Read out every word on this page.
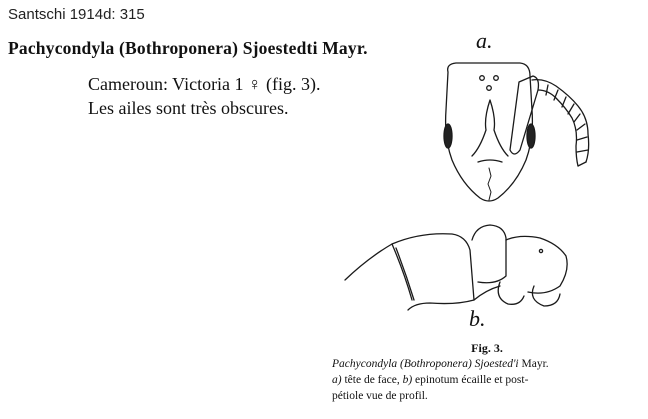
Santschi 1914d: 315
Pachycondyla (Bothroponera) Sjoestedti Mayr.
Cameroun: Victoria 1 ♀ (fig. 3).
Les ailes sont très obscures.
a.
b.
Fig. 3.
Pachycondyla (Bothroponera) Sjoested'i Mayr.
a) tête de face, b) epinotum écaille et post-
pétiole vue de profil.
